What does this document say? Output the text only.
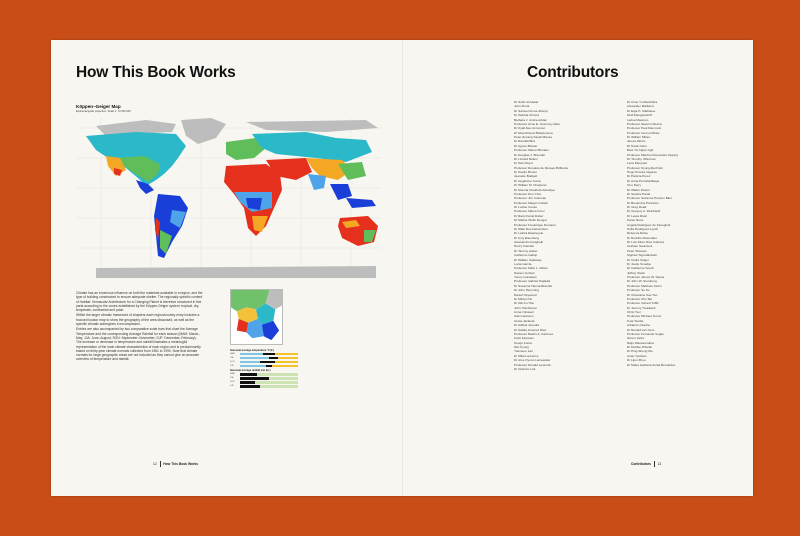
How This Book Works
Köppen–Geiger Map
Equirectangular projection. Scale 1: 70 000 000

Climate has an enormous influence on both the materials available in a region, and the type of building constructed to ensure adequate shelter. The regionally specific content of Habitat: Vernacular Architecture for a Changing Planet is therefore structured in five parts according to the zones established by the Köppen-Geiger system: tropical, dry, temperate, continental and polar.

Within the larger climatic framework of chapters each region/country entry includes a focused locator map to show the geography of the area discussed, as well as the specific climatic subregions it encompasses.

Entries are also accompanied by two comparative scale bars that chart the Average Temperature and the corresponding Average Rainfall for each season (MAM: March–May; JJA: June–August; SON: September–November; DJF: December–February). The increase or decrease in temperature and rainfall illustrates a meaningful representation of the main climate characteristics of each region and is predominantly based on thirty-year climate normals collected from 1961 to 1990. Note that climate normals for large geographic areas are not included as they cannot give an accurate overview of temperature and rainfall.

Seasonal average temperature °C (F)
MAM
JJA
SON
DJF
Seasonal average rainfall mm (in.)
MAM
JJA
SON
DJF
12 How This Book Works
Contributors
Dr Sultri Al-Aawar
John Ahola
Dr Samuel Amos-Abanyi
Dr Iftekhar Ahmed
Barbara J. Amira-Adrian
Professor Anne E. Guerrezy Allen
Dr Kyall Alex Acronson
Dr Mounirhamri Babelorsma
Peter Zenang Kayah Banee
Dr Randall Bird
Dr Agnes Briteler
Professor Marcel Blondel
Dr Douglas J. Boender
Dr Lizzard Bolton
Dr Nam Boyd
Professor Ronaldo de Moraes Brilhante
Dr Deidre Brown
Jeanette Budgell
Dr Guglielmo Carra
Dr William M. Chapman
Dr Mounia Chekhab-Abudaya
Professor Don Choi
Professor Jim Coleman
Professor Marjan Colletti
Dr Louise Cooke
Professor Marcel Cruz
Dr Rami Faruk Daher
Dr Marisa Wolfs Dengel
Professor Frederique Demaret
Dr Mark Dee Delucchesi
Dr Lettiza Ekpeleyole
Dr Amy Eisenberg
Alessandro Fanghelli
Henry Fletcher
Dr Tammy Gaber
Catherine Gallop
Dr William Galloway
Lucia Garcia
Professor Mark L. Gillem
Nasser Golzari
Yenny Gunawan
Professor Gábriel Hajdeka
Dr Susanna Hanna-Brandts
Dr John Hemming
Daniel Heywood
Dr Miriam Ho
Dr Min-Fu Hsu
John Hutchinson
Anna Imbaseri
Izak Ivanisson
Gosia Jankiela
Dr Adilina Jenedra
Dr Nabila Jimenez Diaz
Professor Bashir A. Kazimee
Kristi Kavanen
Kengo Kuma
Wei Kyung
Yasmeen Lari
Dr Mika Laurence
Dr Arce Oyono Larnewaler
Professor Ronald Lewcock
Dr Graham Lott
Dr Arnie Yu Mamiftara
Alexander Maitland
Dr Elga H. Mattiasse
Wolf Mangelsdorff
Larisa Marenco
Professor Saverio Mecca
Professor Paul Memmott
Professor Gernot Minke
Dr William Mitten
James Morris
Dr Karan Nero
Baoi Yin Ngien Agli
Professor Manfred Alexander Opping
Dr Timothy Offerman
Lena Pampoul
Professor Kyung-Rai Park
Hugo Pereira Gigante
Dr Patricia Perez
Dr Anna Permitsidikaya
Tom Perry
Dr Walter Peters
Dr Sandra Piesik
Professor Suzanne Preston Blier
Dr Benamina Pretorian
Dr Greg Read
Dr Gregory A. Reinhardt
Dr Laura Rival
Karen Rose
Angela Rodriguez de Fanegletti
Sofia Rodriguez-Lynch
Rebecca Rolse
Dr Rodolfo Rotondaro
Dr Luis Silvio Rios Cabrera
Graham Saunders
Peter Shaman
Sigridur Sigurdardottir
Dr André Singer
Dr Joelle Smedja
Dr Catherine Souch
Jeffrey Stack
Professor James W. Steele
Dr John W. Sternberg
Professor Matthew Storm
Professor Su Su
Dr Chamaine Kau Teo
Professor Zhu Tan
Professor Gérard Toffin
Dr Jeremy Treadwell
Chris Tsoi
Professor Michael Turner
Kota Tsutha
Adriana Ursache
Dr Ronald van Oers
Professor Fernando Vegas
Simon Velez
Rajiv Wanasundera
Dr Debbie Whelan
Dr Ping-Sheng Wu
Anan Yesilsan
Dr Lijun Zhou
Dr Maria Gabriela Zurita Bernardes
Contributors 13
